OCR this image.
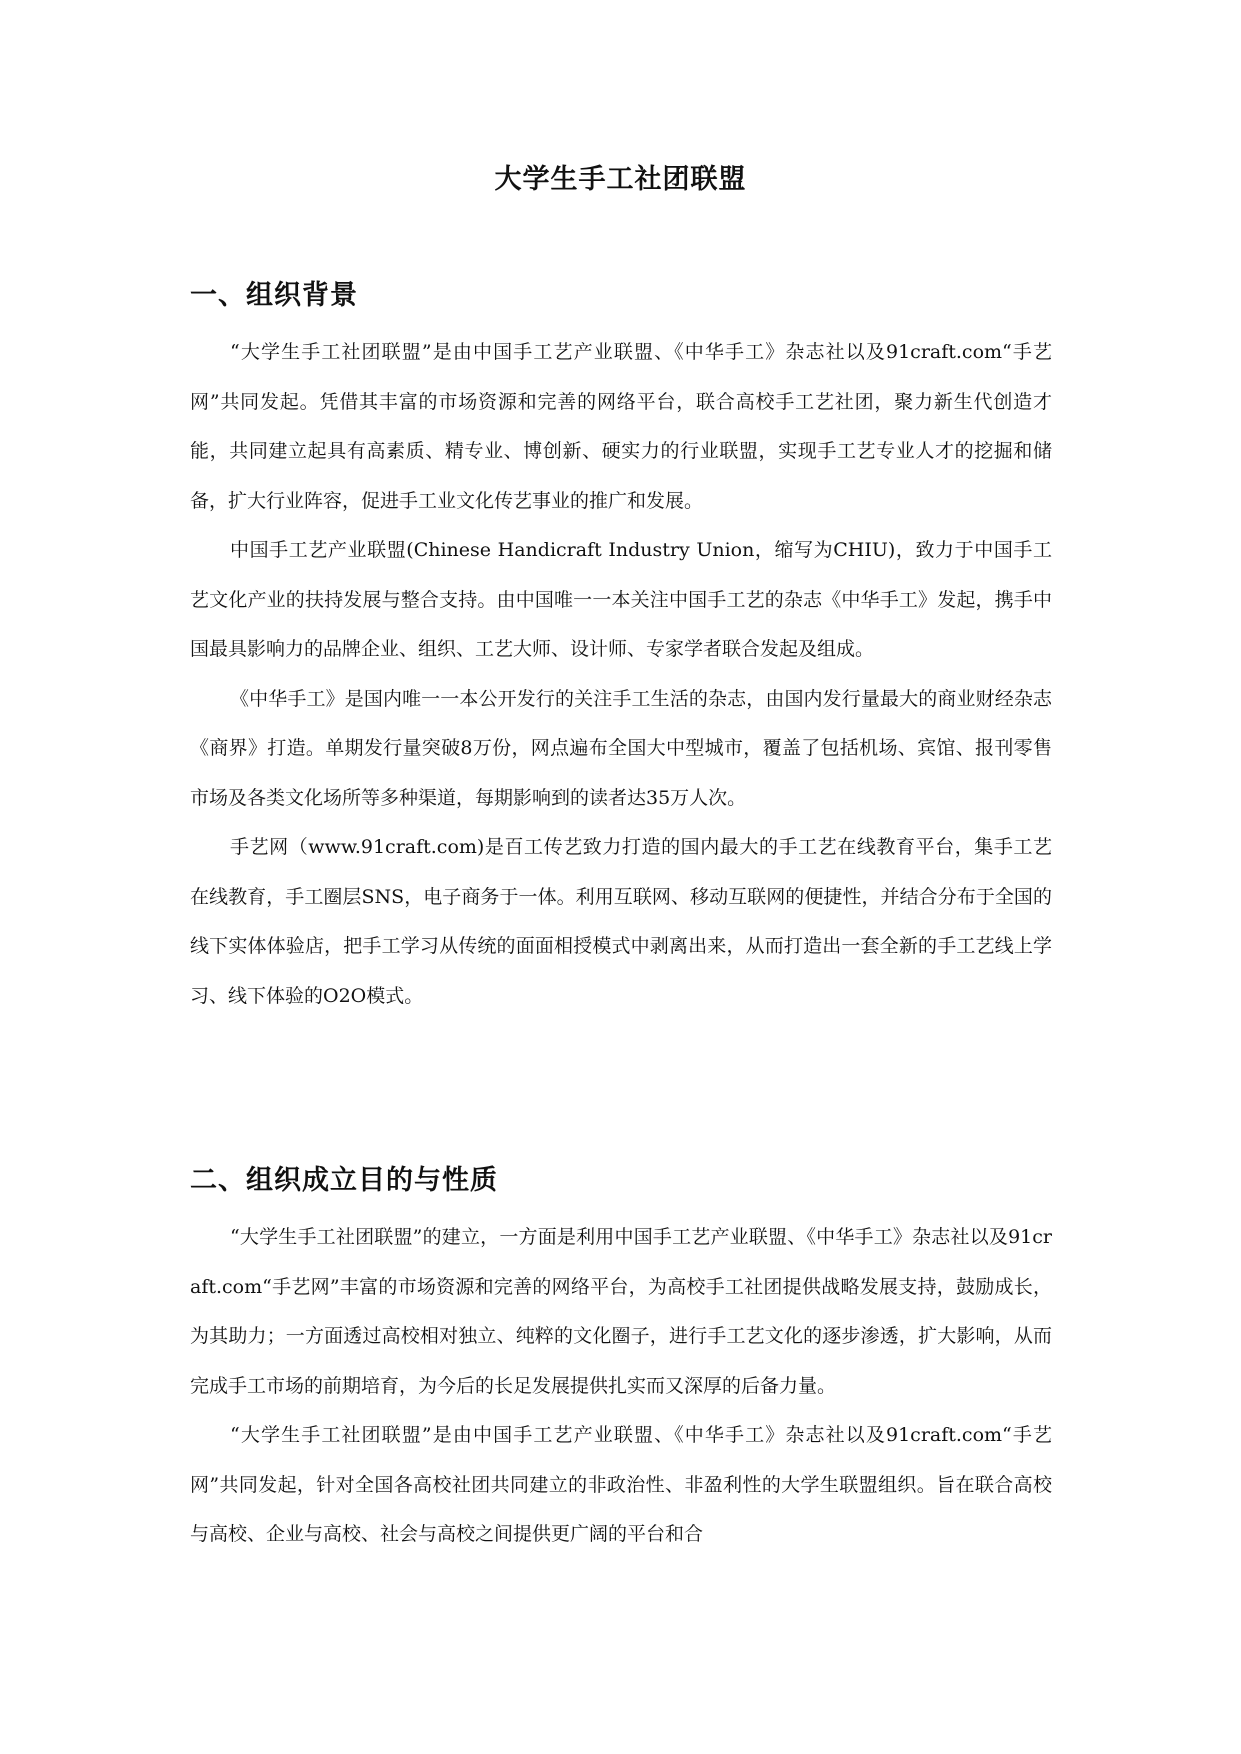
大学生手工社团联盟
一、组织背景

“大学生手工社团联盟”是由中国手工艺产业联盟、《中华手工》杂志社以及91craft.com“手艺网”共同发起。凭借其丰富的市场资源和完善的网络平台，联合高校手工艺社团，聚力新生代创造才能，共同建立起具有高素质、精专业、博创新、硬实力的行业联盟，实现手工艺专业人才的挖掘和储备，扩大行业阵容，促进手工业文化传艺事业的推广和发展。

中国手工艺产业联盟(Chinese Handicraft Industry Union，缩写为CHIU)，致力于中国手工艺文化产业的扶持发展与整合支持。由中国唯一一本关注中国手工艺的杂志《中华手工》发起，携手中国最具影响力的品牌企业、组织、工艺大师、设计师、专家学者联合发起及组成。

《中华手工》是国内唯一一本公开发行的关注手工生活的杂志，由国内发行量最大的商业财经杂志《商界》打造。单期发行量突破8万份，网点遍布全国大中型城市，覆盖了包括机场、宾馆、报刊零售市场及各类文化场所等多种渠道，每期影响到的读者达35万人次。

手艺网（www.91craft.com)是百工传艺致力打造的国内最大的手工艺在线教育平台，集手工艺在线教育，手工圈层SNS，电子商务于一体。利用互联网、移动互联网的便捷性，并结合分布于全国的线下实体体验店，把手工学习从传统的面面相授模式中剥离出来，从而打造出一套全新的手工艺线上学习、线下体验的O2O模式。

二、组织成立目的与性质

“大学生手工社团联盟”的建立，一方面是利用中国手工艺产业联盟、《中华手工》杂志社以及91craft.com“手艺网”丰富的市场资源和完善的网络平台，为高校手工社团提供战略发展支持，鼓励成长，为其助力；一方面透过高校相对独立、纯粹的文化圈子，进行手工艺文化的逐步渗透，扩大影响，从而完成手工市场的前期培育，为今后的长足发展提供扎实而又深厚的后备力量。

“大学生手工社团联盟”是由中国手工艺产业联盟、《中华手工》杂志社以及91craft.com“手艺网”共同发起，针对全国各高校社团共同建立的非政治性、非盈利性的大学生联盟组织。旨在联合高校与高校、企业与高校、社会与高校之间提供更广阔的平台和合
